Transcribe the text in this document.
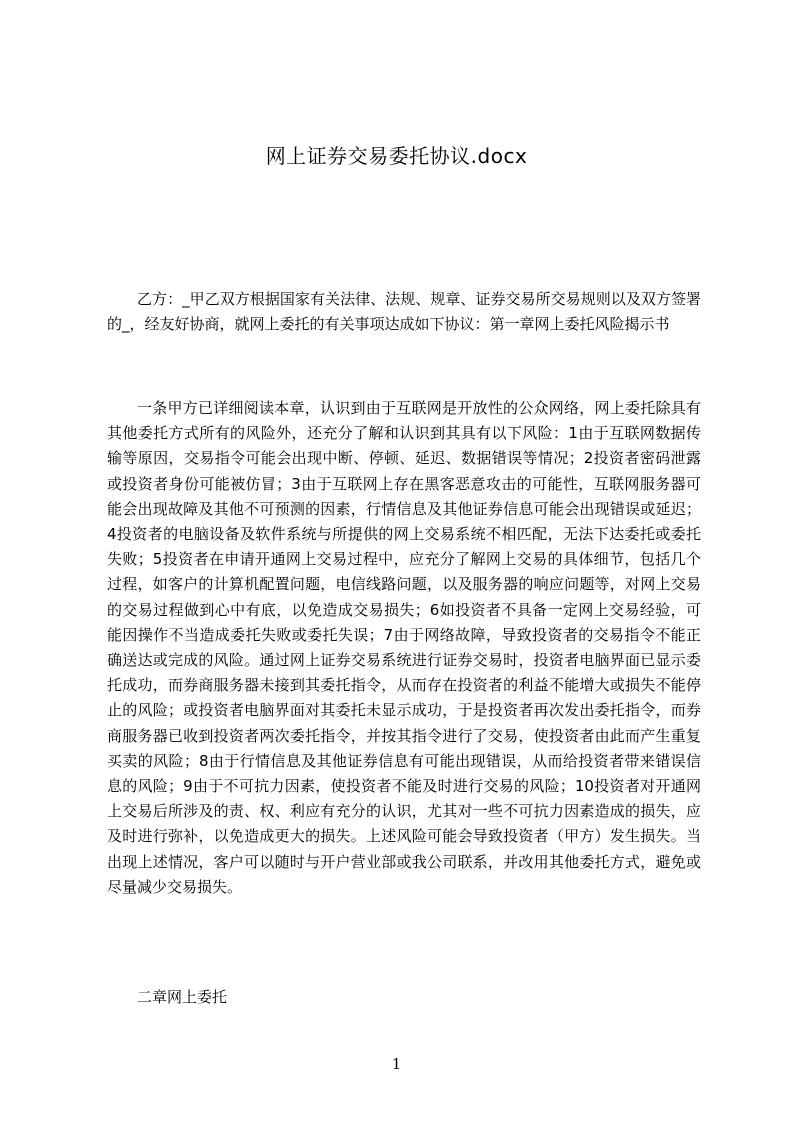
网上证券交易委托协议.docx

乙方：_甲乙双方根据国家有关法律、法规、规章、证券交易所交易规则以及双方签署的_，经友好协商，就网上委托的有关事项达成如下协议：第一章网上委托风险揭示书

一条甲方已详细阅读本章，认识到由于互联网是开放性的公众网络，网上委托除具有其他委托方式所有的风险外，还充分了解和认识到其具有以下风险：1由于互联网数据传输等原因，交易指令可能会出现中断、停顿、延迟、数据错误等情况；2投资者密码泄露或投资者身份可能被仿冒；3由于互联网上存在黑客恶意攻击的可能性，互联网服务器可能会出现故障及其他不可预测的因素，行情信息及其他证券信息可能会出现错误或延迟；4投资者的电脑设备及软件系统与所提供的网上交易系统不相匹配，无法下达委托或委托失败；5投资者在申请开通网上交易过程中，应充分了解网上交易的具体细节，包括几个过程，如客户的计算机配置问题，电信线路问题，以及服务器的响应问题等，对网上交易的交易过程做到心中有底，以免造成交易损失；6如投资者不具备一定网上交易经验，可能因操作不当造成委托失败或委托失误；7由于网络故障，导致投资者的交易指令不能正确送达或完成的风险。通过网上证券交易系统进行证券交易时，投资者电脑界面已显示委托成功，而券商服务器未接到其委托指令，从而存在投资者的利益不能增大或损失不能停止的风险；或投资者电脑界面对其委托未显示成功，于是投资者再次发出委托指令，而券商服务器已收到投资者两次委托指令，并按其指令进行了交易，使投资者由此而产生重复买卖的风险；8由于行情信息及其他证券信息有可能出现错误，从而给投资者带来错误信息的风险；9由于不可抗力因素，使投资者不能及时进行交易的风险；10投资者对开通网上交易后所涉及的责、权、利应有充分的认识，尤其对一些不可抗力因素造成的损失，应及时进行弥补，以免造成更大的损失。上述风险可能会导致投资者（甲方）发生损失。当出现上述情况，客户可以随时与开户营业部或我公司联系，并改用其他委托方式，避免或尽量减少交易损失。

二章网上委托

1
